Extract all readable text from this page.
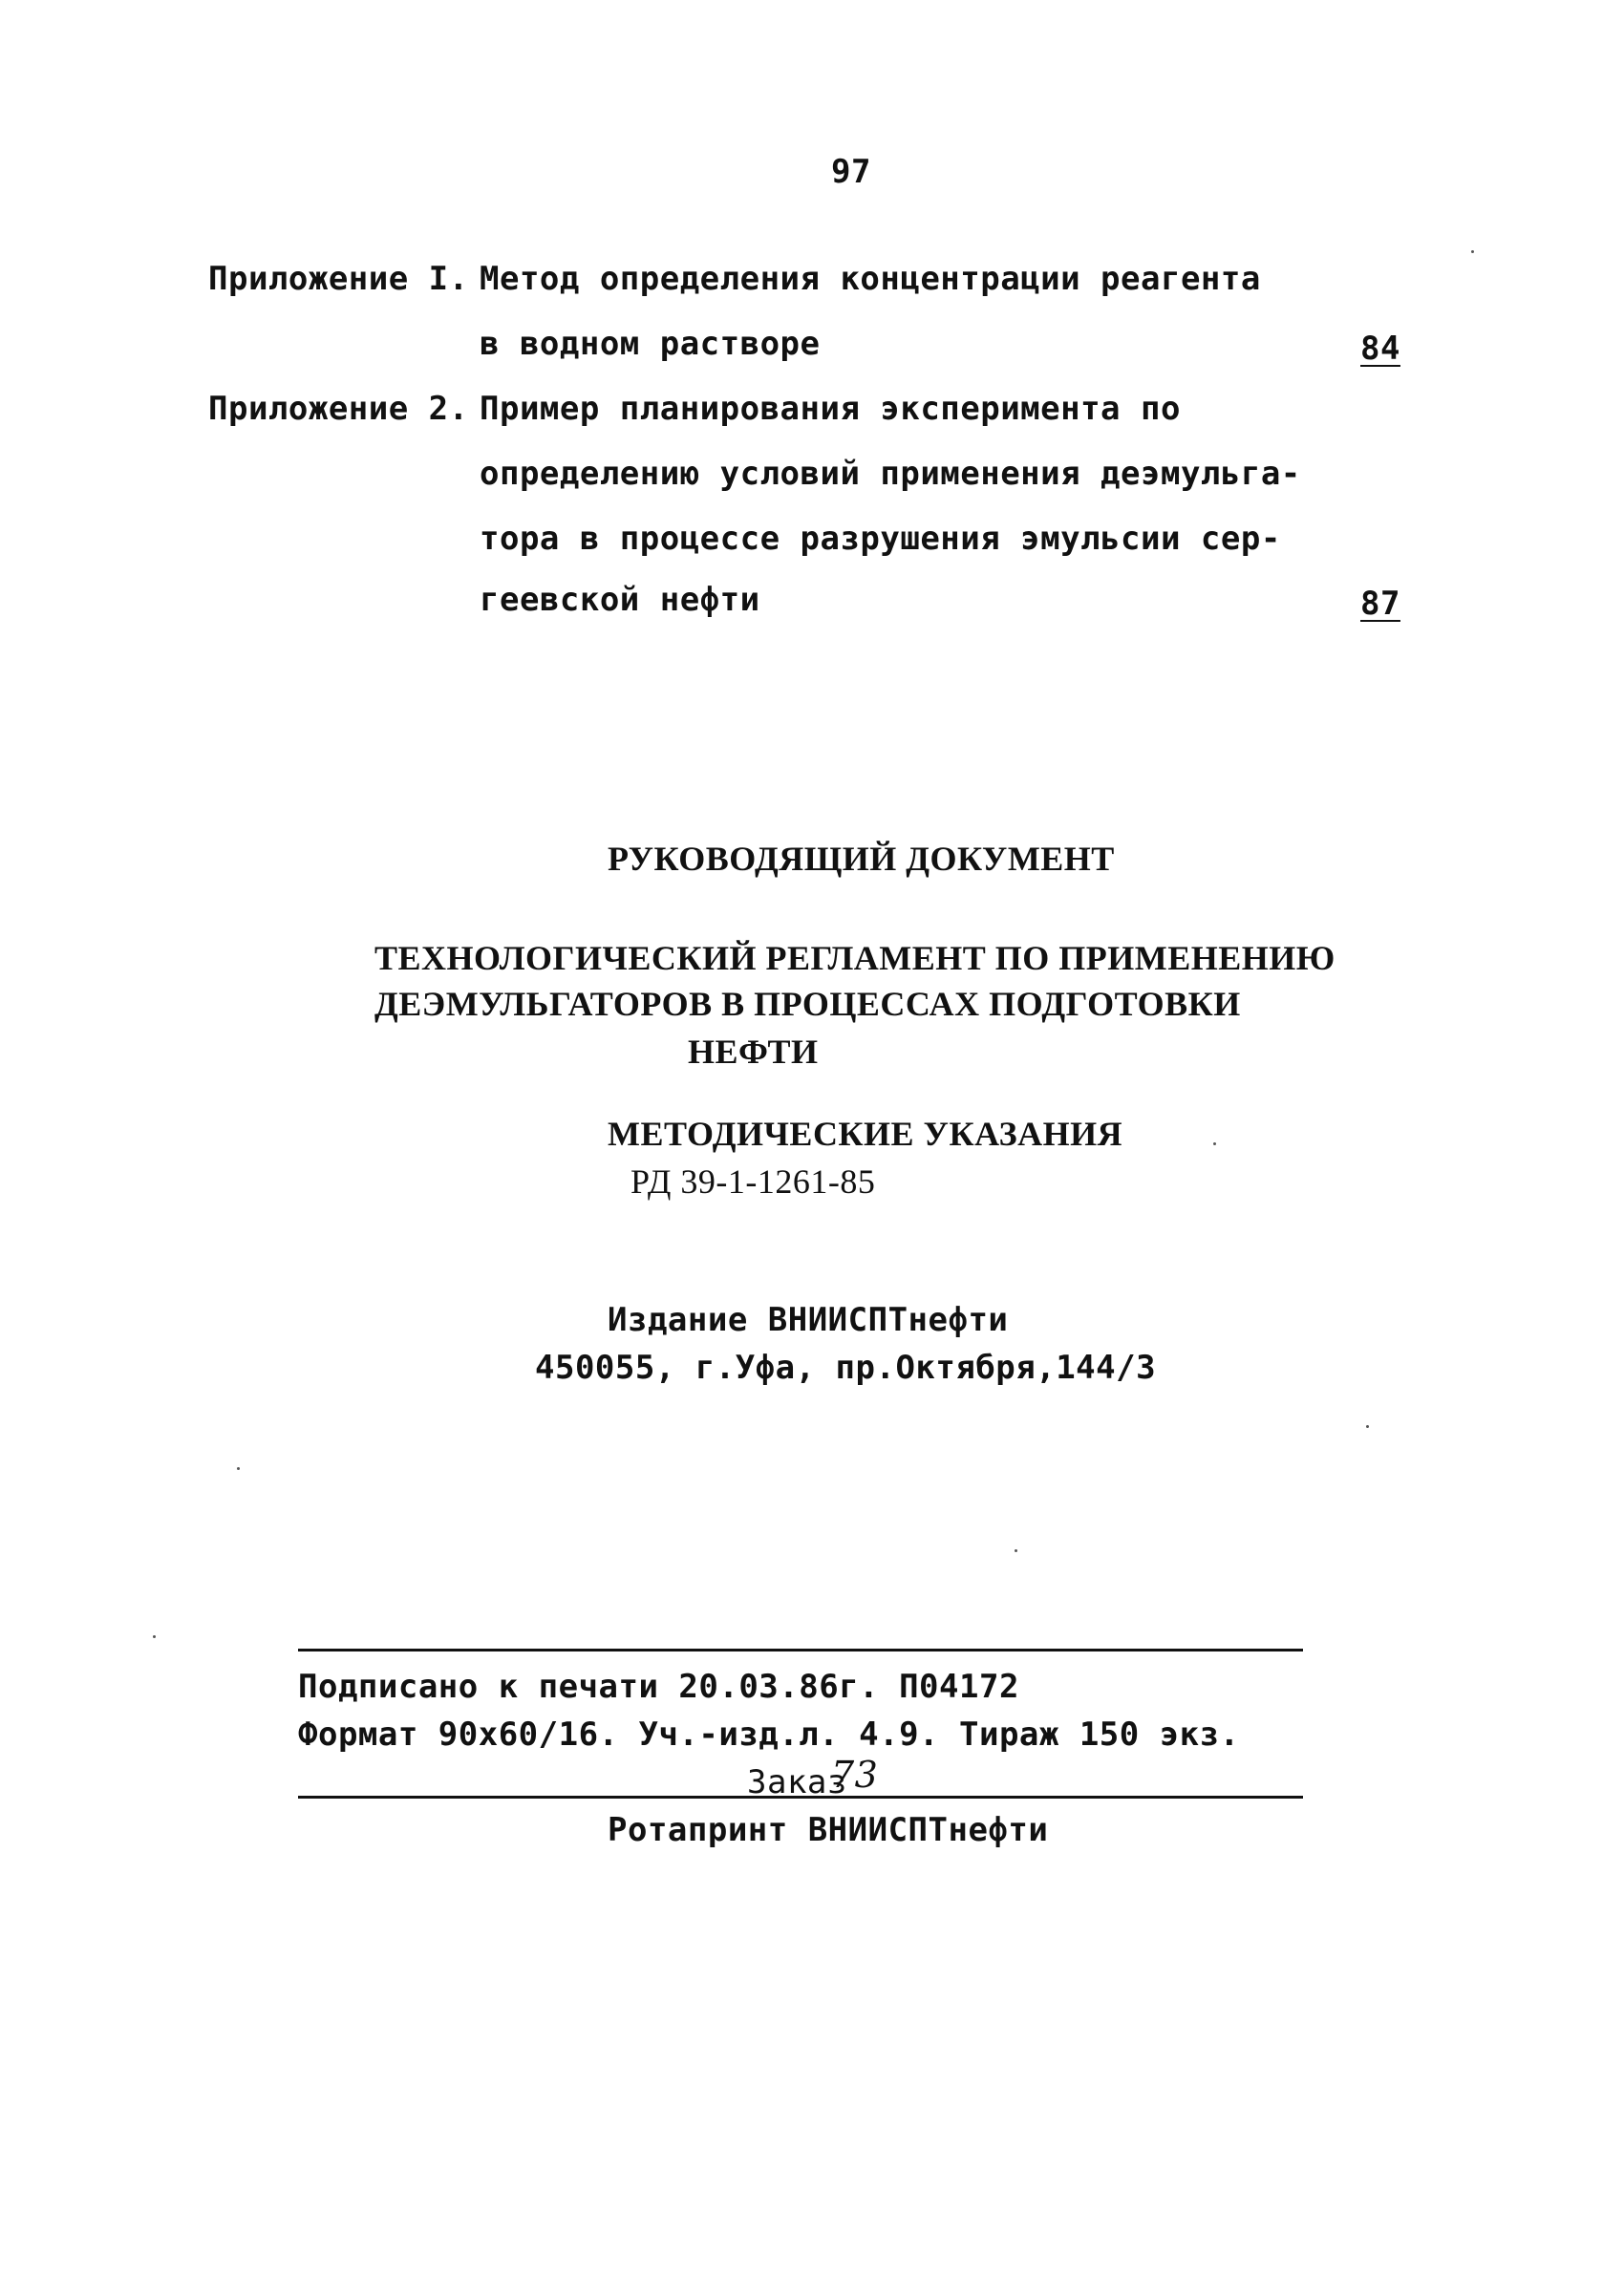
97
Приложение I. Метод определения концентрации реагента
в водном растворе	84
Приложение 2. Пример планирования эксперимента по
определению условий применения деэмульга-
тора в процессе разрушения эмульсии сер-
геевской нефти	87
РУКОВОДЯЩИЙ ДОКУМЕНТ
ТЕХНОЛОГИЧЕСКИЙ РЕГЛАМЕНТ ПО ПРИМЕНЕНИЮ
ДЕЭМУЛЬГАТОРОВ В ПРОЦЕССАХ ПОДГОТОВКИ
НЕФТИ
МЕТОДИЧЕСКИЕ УКАЗАНИЯ
РД 39-1-1261-85
Издание ВНИИСПТнефти
450055, г.Уфа, пр.Октября,144/3
Подписано к печати 20.03.86г. П04172
Формат 90х60/16. Уч.-изд.л. 4.9. Тираж 150 экз.
Заказ
73
Ротапринт ВНИИСПТнефти
